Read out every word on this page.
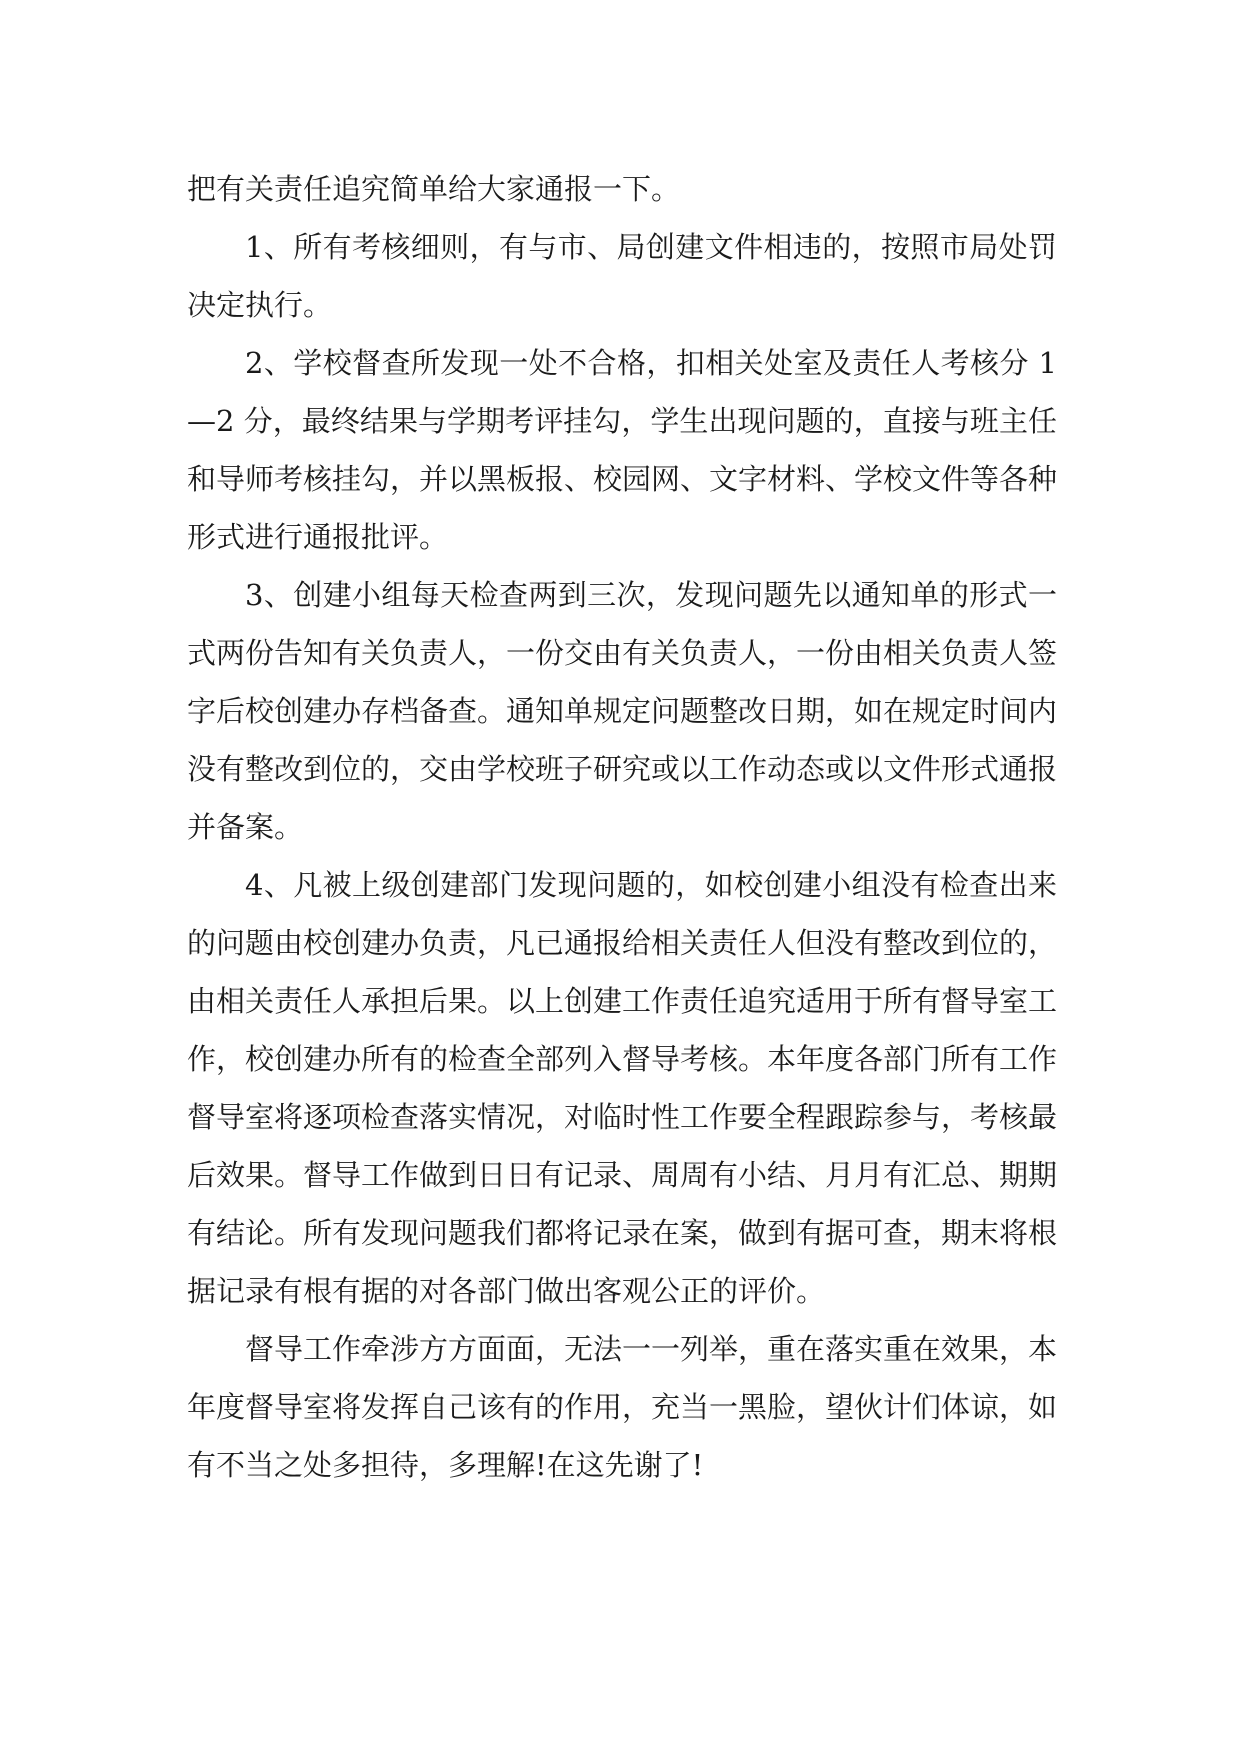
把有关责任追究简单给大家通报一下。

1、所有考核细则，有与市、局创建文件相违的，按照市局处罚决定执行。

2、学校督查所发现一处不合格，扣相关处室及责任人考核分 1—2 分，最终结果与学期考评挂勾，学生出现问题的，直接与班主任和导师考核挂勾，并以黑板报、校园网、文字材料、学校文件等各种形式进行通报批评。

3、创建小组每天检查两到三次，发现问题先以通知单的形式一式两份告知有关负责人，一份交由有关负责人，一份由相关负责人签字后校创建办存档备查。通知单规定问题整改日期，如在规定时间内没有整改到位的，交由学校班子研究或以工作动态或以文件形式通报并备案。

4、凡被上级创建部门发现问题的，如校创建小组没有检查出来的问题由校创建办负责，凡已通报给相关责任人但没有整改到位的，由相关责任人承担后果。以上创建工作责任追究适用于所有督导室工作，校创建办所有的检查全部列入督导考核。本年度各部门所有工作督导室将逐项检查落实情况，对临时性工作要全程跟踪参与，考核最后效果。督导工作做到日日有记录、周周有小结、月月有汇总、期期有结论。所有发现问题我们都将记录在案，做到有据可查，期末将根据记录有根有据的对各部门做出客观公正的评价。

督导工作牵涉方方面面，无法一一列举，重在落实重在效果，本年度督导室将发挥自己该有的作用，充当一黑脸，望伙计们体谅，如有不当之处多担待，多理解!在这先谢了!
